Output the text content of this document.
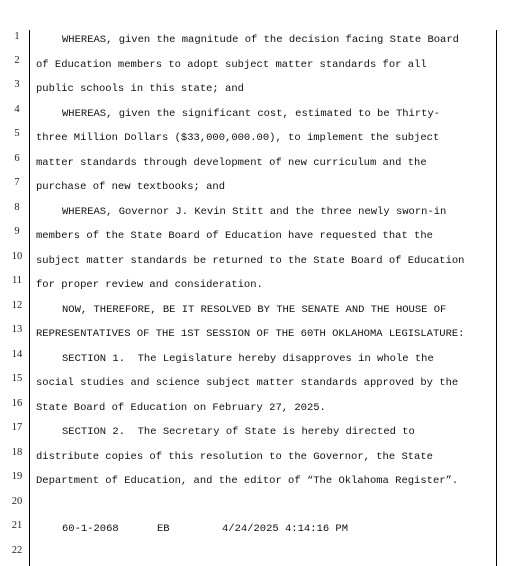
1
2
3
4
5
6
7
8
9
10
11
12
13
14
15
16
17
18
19
20
21
22
WHEREAS, given the magnitude of the decision facing State Board
of Education members to adopt subject matter standards for all
public schools in this state; and
WHEREAS, given the significant cost, estimated to be Thirty-
three Million Dollars ($33,000,000.00), to implement the subject
matter standards through development of new curriculum and the
purchase of new textbooks; and
WHEREAS, Governor J. Kevin Stitt and the three newly sworn-in
members of the State Board of Education have requested that the
subject matter standards be returned to the State Board of Education
for proper review and consideration.
NOW, THEREFORE, BE IT RESOLVED BY THE SENATE AND THE HOUSE OF
REPRESENTATIVES OF THE 1ST SESSION OF THE 60TH OKLAHOMA LEGISLATURE:
SECTION 1.  The Legislature hereby disapproves in whole the
social studies and science subject matter standards approved by the
State Board of Education on February 27, 2025.
SECTION 2.  The Secretary of State is hereby directed to
distribute copies of this resolution to the Governor, the State
Department of Education, and the editor of “The Oklahoma Register”.
60-1-2068	EB	4/24/2025 4:14:16 PM
